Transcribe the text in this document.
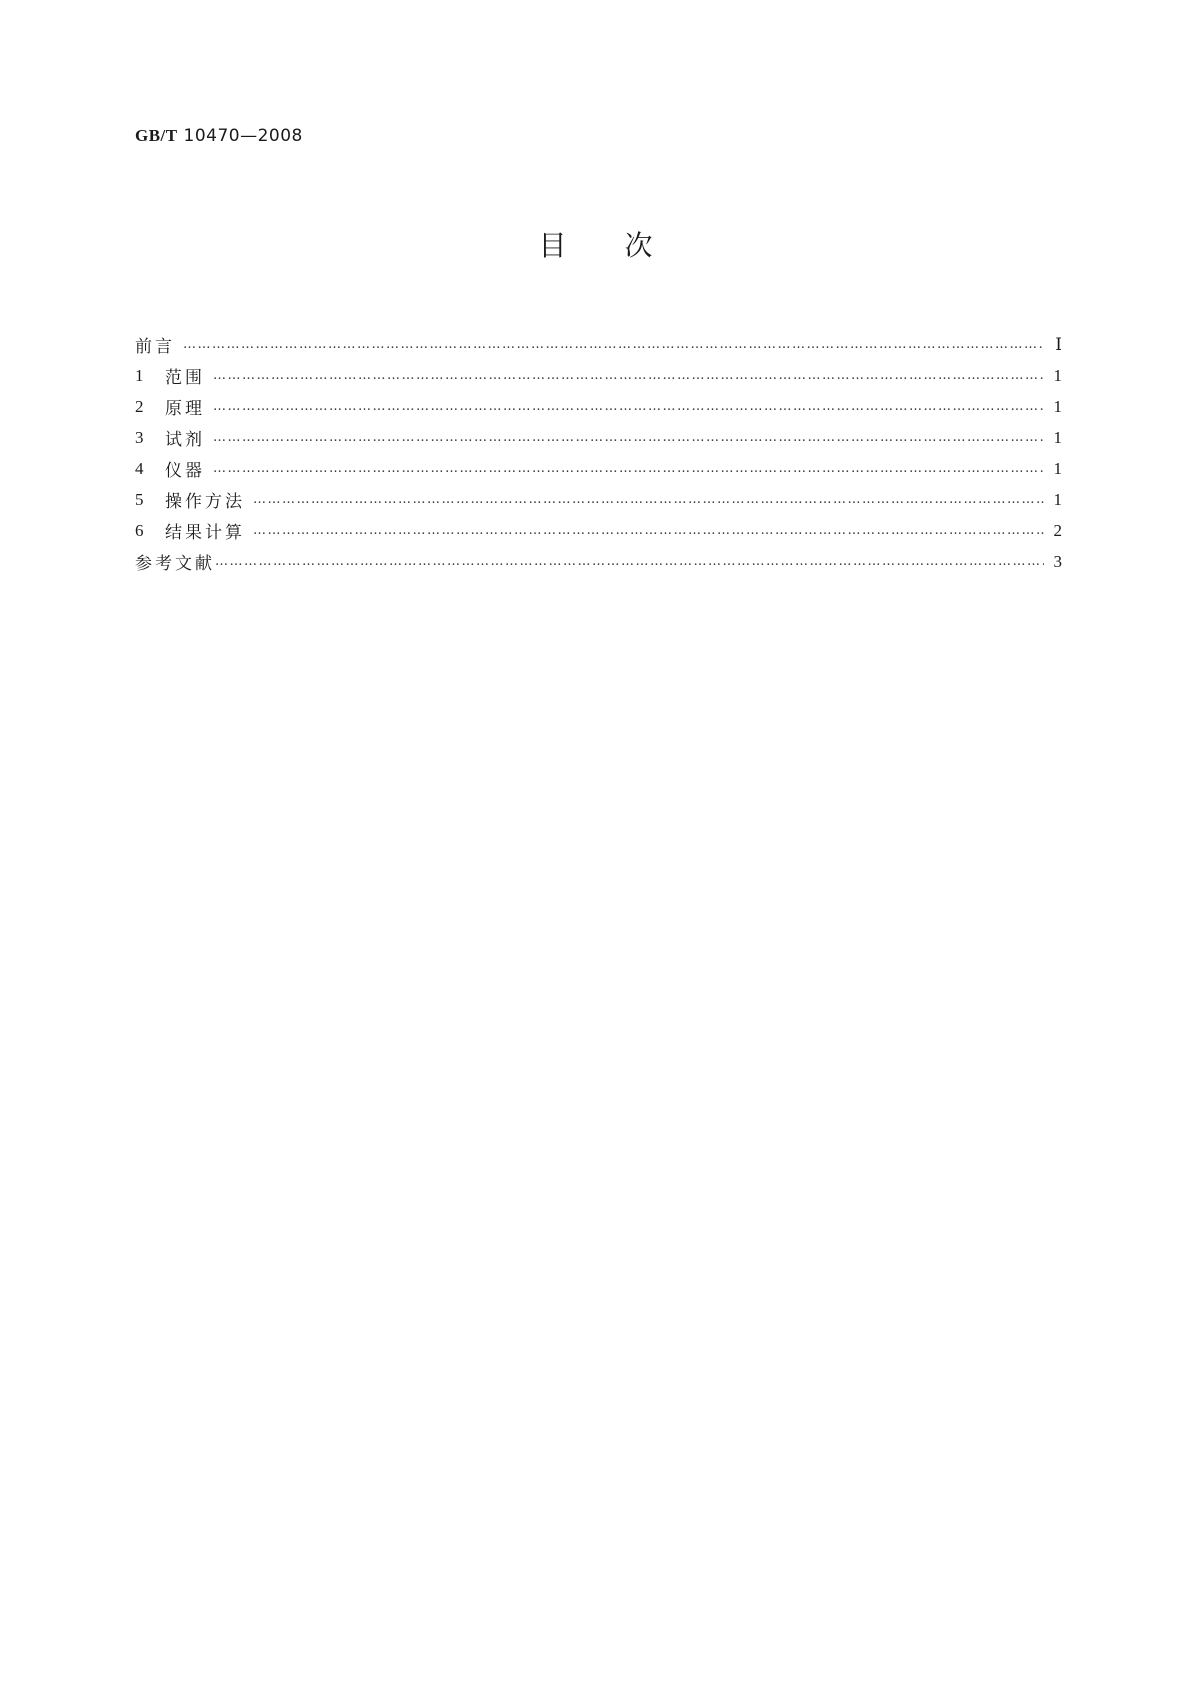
GB/T 10470—2008
目 次
前言 ………………………………………………………………………………………………………………………………………………………………………………………………………………………	Ⅰ
1	范围 ………………………………………………………………………………………………………………………………………………………………………………………………………………………	1
2	原理 ………………………………………………………………………………………………………………………………………………………………………………………………………………………	1
3	试剂 ………………………………………………………………………………………………………………………………………………………………………………………………………………………	1
4	仪器 ………………………………………………………………………………………………………………………………………………………………………………………………………………………	1
5	操作方法 ………………………………………………………………………………………………………………………………………………………………………………………………………………………	1
6	结果计算 ………………………………………………………………………………………………………………………………………………………………………………………………………………………	2
参考文献 ………………………………………………………………………………………………………………………………………………………………………………………………………………………	3
